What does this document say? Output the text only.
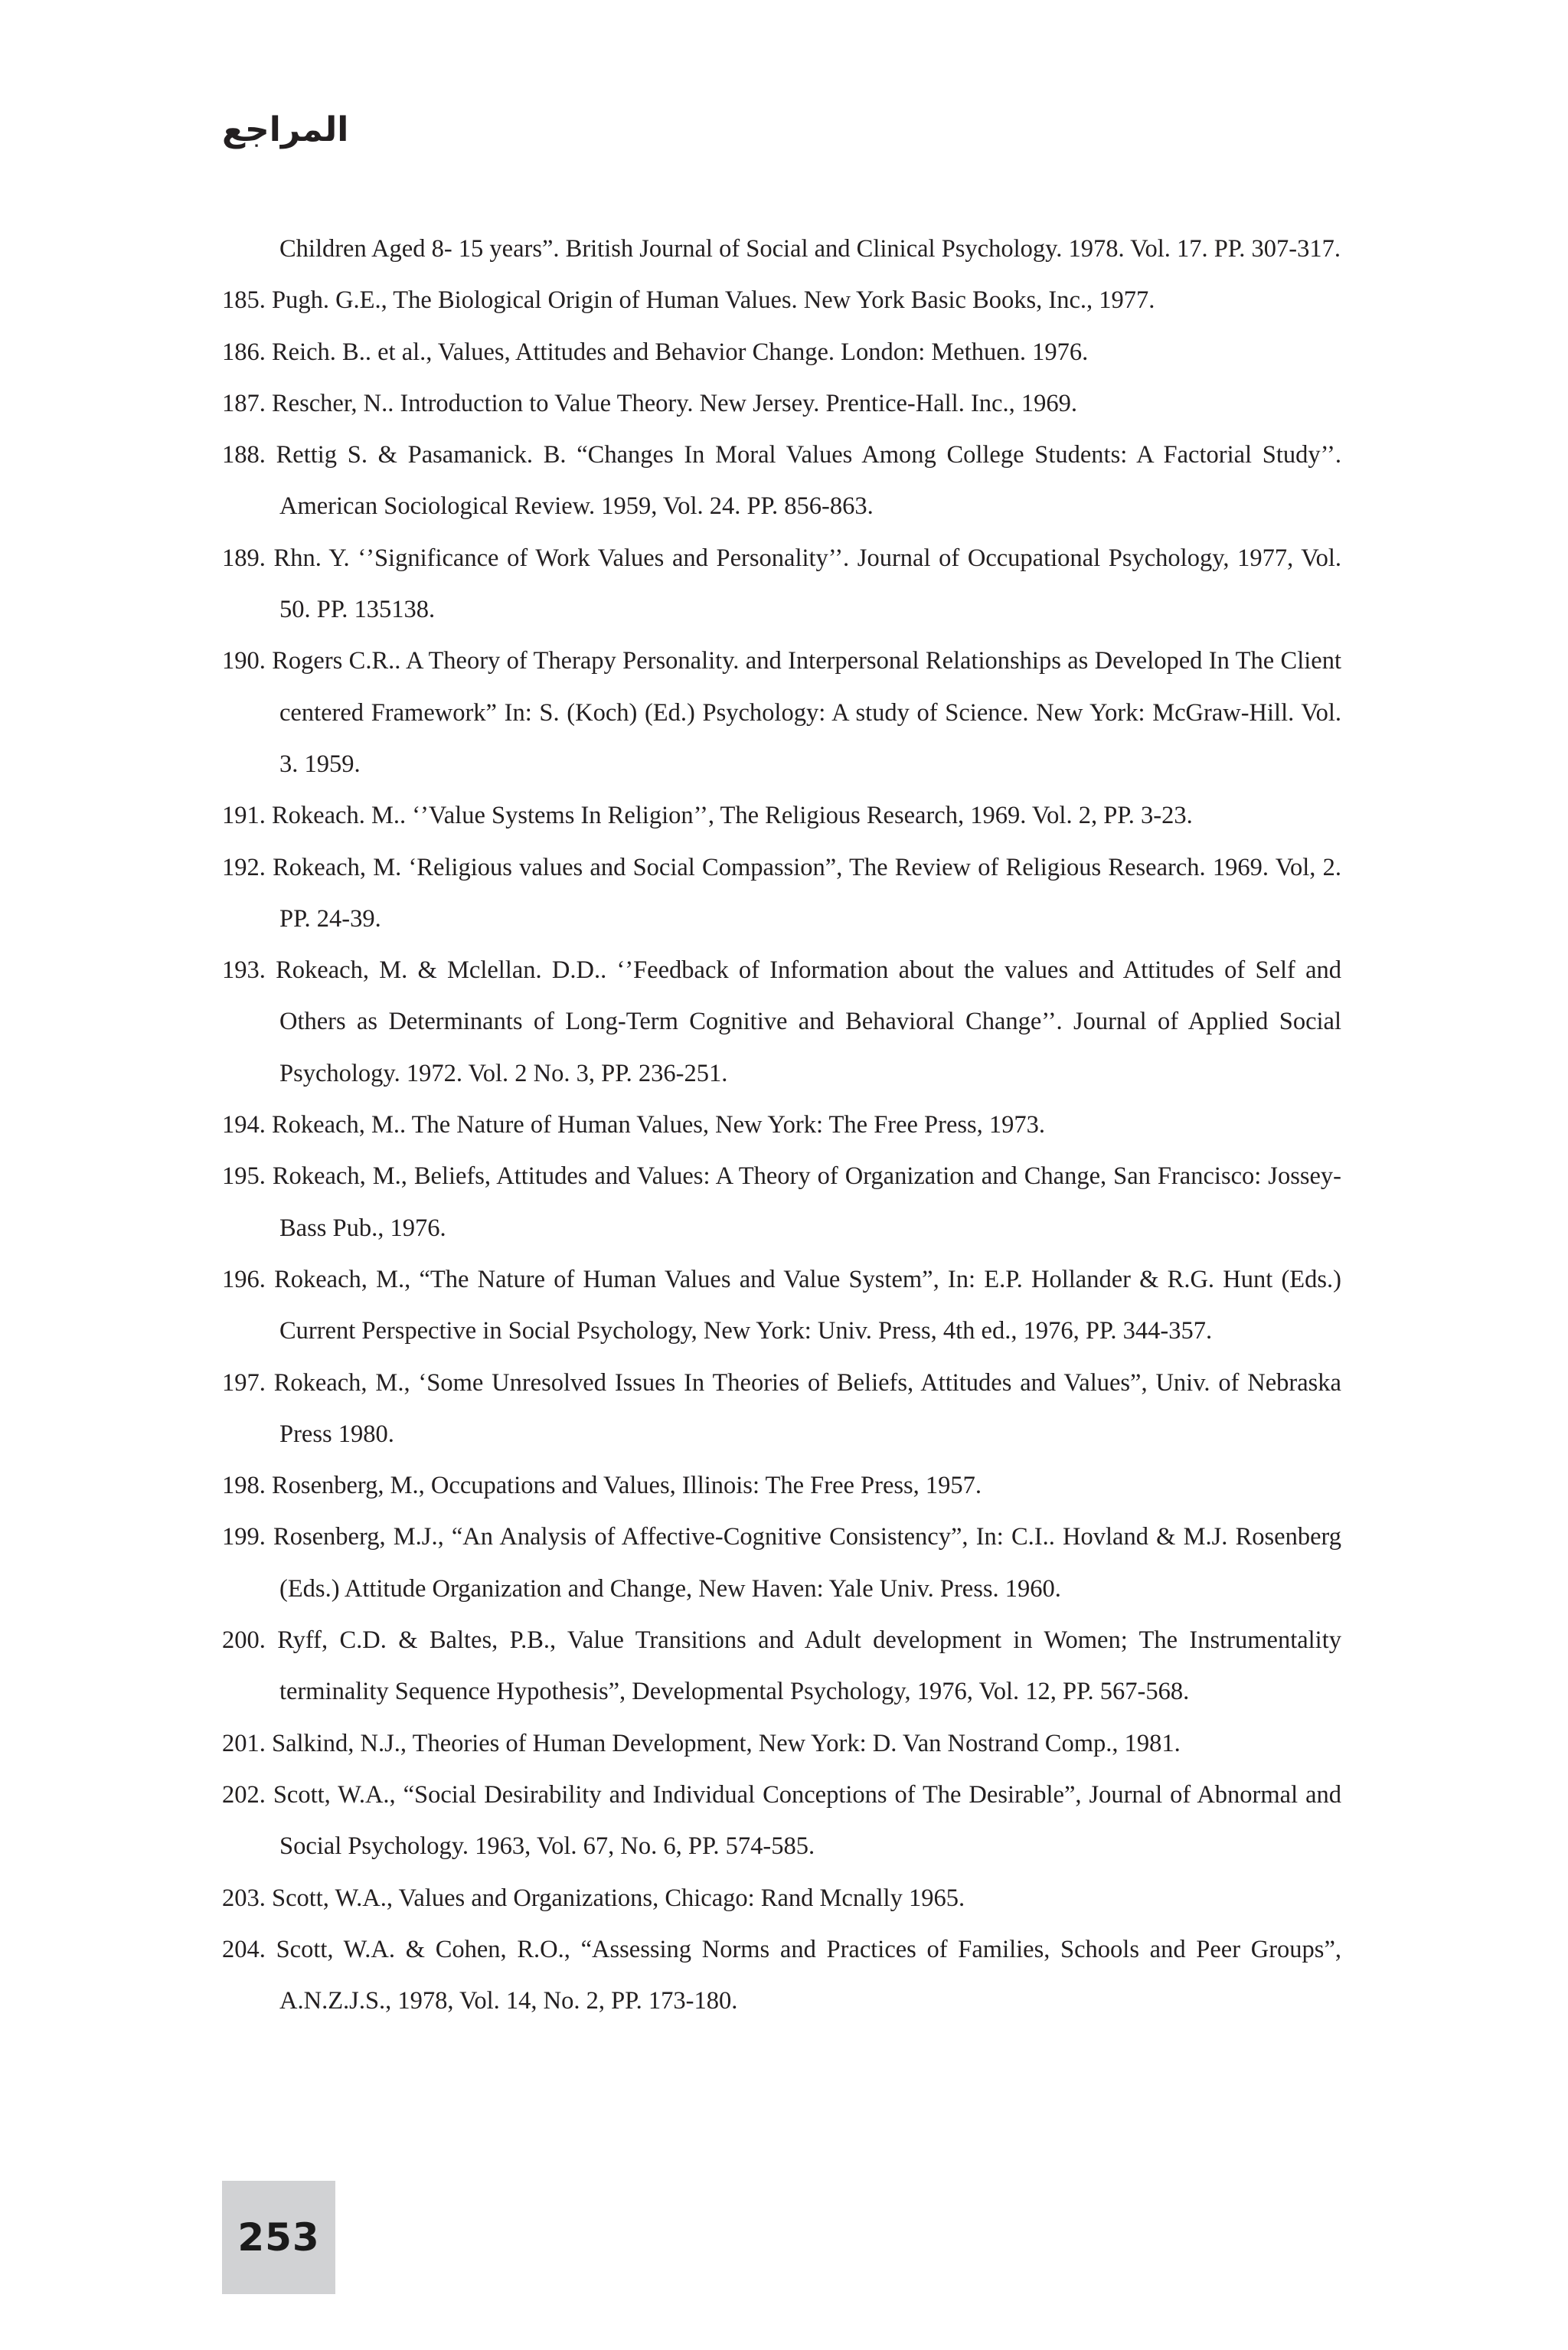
المراجع
Children Aged 8- 15 years”. British Journal of Social and Clinical Psychology. 1978. Vol. 17. PP. 307-317.
185. Pugh. G.E., The Biological Origin of Human Values. New York Basic Books, Inc., 1977.
186. Reich. B.. et al., Values, Attitudes and Behavior Change. London: Methuen. 1976.
187. Rescher, N.. Introduction to Value Theory. New Jersey. Prentice-Hall. Inc., 1969.
188. Rettig S. & Pasamanick. B. “Changes In Moral Values Among College Students: A Factorial Study’’. American Sociological Review. 1959, Vol. 24. PP. 856-863.
189. Rhn. Y. ‘’Significance of Work Values and Personality’’. Journal of Occupational Psychology, 1977, Vol. 50. PP. 135138.
190. Rogers C.R.. A Theory of Therapy Personality. and Interpersonal Relationships as Developed In The Client centered Framework” In: S. (Koch) (Ed.) Psychology: A study of Science. New York: McGraw-Hill. Vol. 3. 1959.
191. Rokeach. M.. ‘’Value Systems In Religion’’, The Religious Research, 1969. Vol. 2, PP. 3-23.
192. Rokeach, M. ‘Religious values and Social Compassion”, The Review of Religious Research. 1969. Vol, 2. PP. 24-39.
193. Rokeach, M. & Mclellan. D.D.. ‘’Feedback of Information about the values and Attitudes of Self and Others as Determinants of Long-Term Cognitive and Behavioral Change’’. Journal of Applied Social Psychology. 1972. Vol. 2 No. 3, PP. 236-251.
194. Rokeach, M.. The Nature of Human Values, New York: The Free Press, 1973.
195. Rokeach, M., Beliefs, Attitudes and Values: A Theory of Organization and Change, San Francisco: Jossey-Bass Pub., 1976.
196. Rokeach, M., “The Nature of Human Values and Value System”, In: E.P. Hollander & R.G. Hunt (Eds.) Current Perspective in Social Psychology, New York: Univ. Press, 4th ed., 1976, PP. 344-357.
197. Rokeach, M., ‘Some Unresolved Issues In Theories of Beliefs, Attitudes and Values”, Univ. of Nebraska Press 1980.
198. Rosenberg, M., Occupations and Values, Illinois: The Free Press, 1957.
199. Rosenberg, M.J., “An Analysis of Affective-Cognitive Consistency”, In: C.I.. Hovland & M.J. Rosenberg (Eds.) Attitude Organization and Change, New Haven: Yale Univ. Press. 1960.
200. Ryff, C.D. & Baltes, P.B., Value Transitions and Adult development in Women; The Instrumentality terminality Sequence Hypothesis”, Developmental Psychology, 1976, Vol. 12, PP. 567-568.
201. Salkind, N.J., Theories of Human Development, New York: D. Van Nostrand Comp., 1981.
202. Scott, W.A., “Social Desirability and Individual Conceptions of The Desirable”, Journal of Abnormal and Social Psychology. 1963, Vol. 67, No. 6, PP. 574-585.
203. Scott, W.A., Values and Organizations, Chicago: Rand Mcnally 1965.
204. Scott, W.A. & Cohen, R.O., “Assessing Norms and Practices of Families, Schools and Peer Groups”, A.N.Z.J.S., 1978, Vol. 14, No. 2, PP. 173-180.
253
